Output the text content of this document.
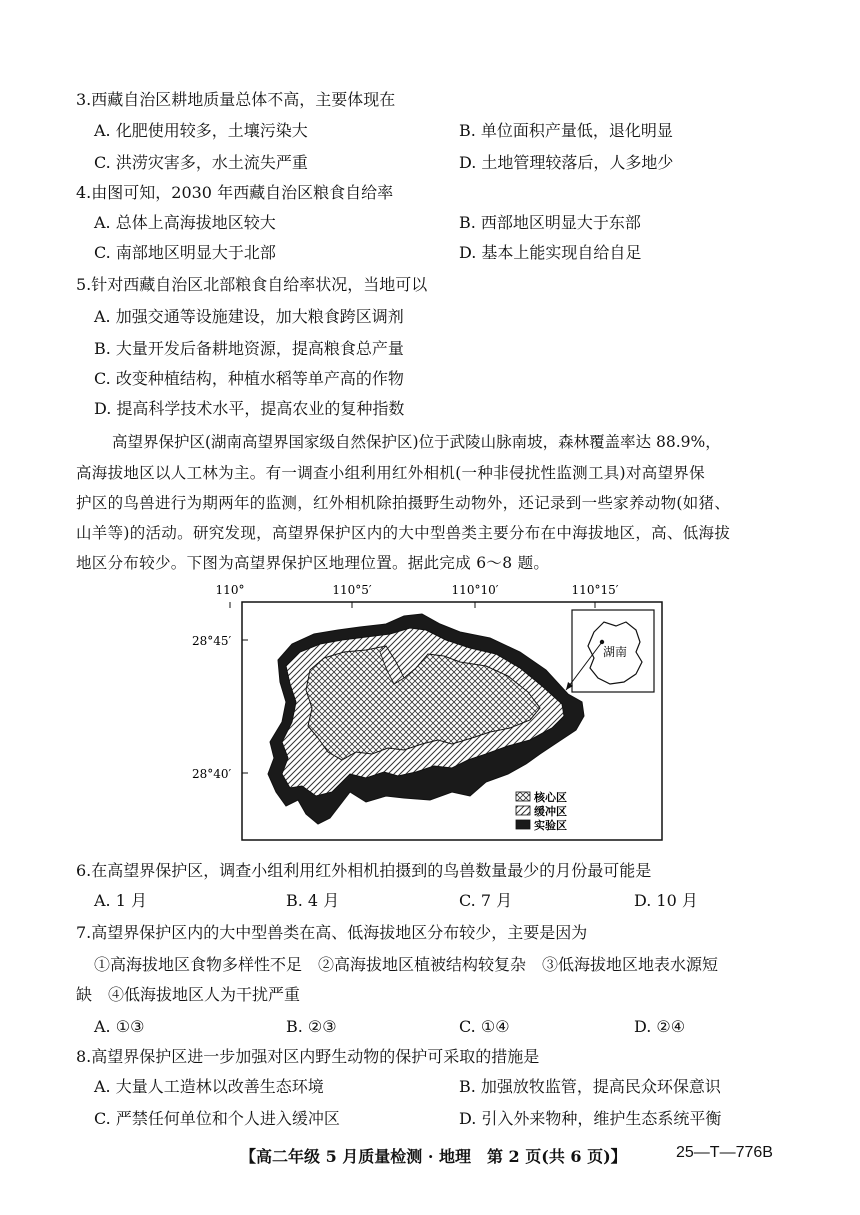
3.西藏自治区耕地质量总体不高，主要体现在
A. 化肥使用较多，土壤污染大	B. 单位面积产量低，退化明显
C. 洪涝灾害多，水土流失严重	D. 土地管理较落后，人多地少
4.由图可知，2030 年西藏自治区粮食自给率
A. 总体上高海拔地区较大	B. 西部地区明显大于东部
C. 南部地区明显大于北部	D. 基本上能实现自给自足
5.针对西藏自治区北部粮食自给率状况，当地可以
A. 加强交通等设施建设，加大粮食跨区调剂
B. 大量开发后备耕地资源，提高粮食总产量
C. 改变种植结构，种植水稻等单产高的作物
D. 提高科学技术水平，提高农业的复种指数
高望界保护区(湖南高望界国家级自然保护区)位于武陵山脉南坡，森林覆盖率达 88.9%，
高海拔地区以人工林为主。有一调查小组利用红外相机(一种非侵扰性监测工具)对高望界保
护区的鸟兽进行为期两年的监测，红外相机除拍摄野生动物外，还记录到一些家养动物(如猪、
山羊等)的活动。研究发现，高望界保护区内的大中型兽类主要分布在中海拔地区，高、低海拔
地区分布较少。下图为高望界保护区地理位置。据此完成 6～8 题。
110°	110°5′	110°10′	110°15′
28°45′
28°40′
湖南
核心区
缓冲区
实验区
6.在高望界保护区，调查小组利用红外相机拍摄到的鸟兽数量最少的月份最可能是
A. 1 月	B. 4 月	C. 7 月	D. 10 月
7.高望界保护区内的大中型兽类在高、低海拔地区分布较少，主要是因为
①高海拔地区食物多样性不足　②高海拔地区植被结构较复杂　③低海拔地区地表水源短
缺　④低海拔地区人为干扰严重
A. ①③	B. ②③	C. ①④	D. ②④
8.高望界保护区进一步加强对区内野生动物的保护可采取的措施是
A. 大量人工造林以改善生态环境	B. 加强放牧监管，提高民众环保意识
C. 严禁任何单位和个人进入缓冲区	D. 引入外来物种，维护生态系统平衡
【高二年级 5 月质量检测 · 地理　第 2 页(共 6 页)】	25—T—776B
